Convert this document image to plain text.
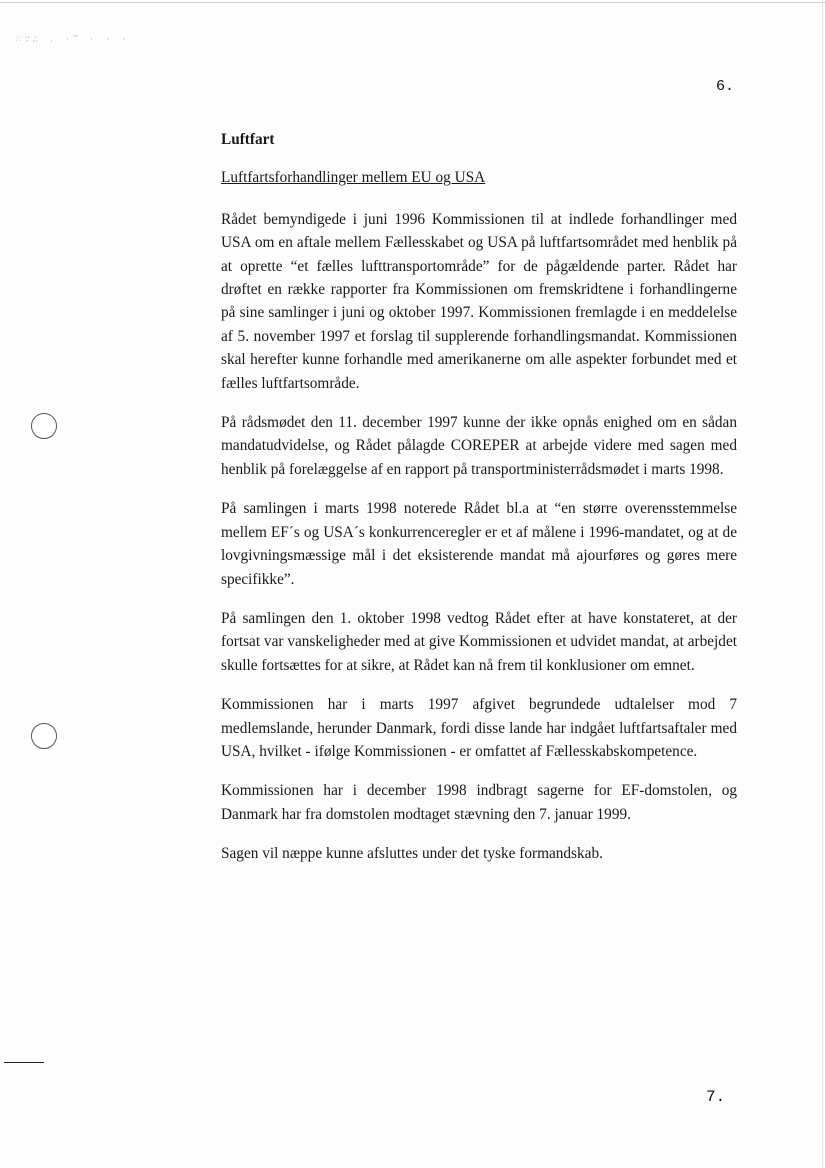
⁙∵∴ . ·‴ · · ·
6.
Luftfart
Luftfartsforhandlinger mellem EU og USA

Rådet bemyndigede i juni 1996 Kommissionen til at indlede forhandlinger med USA om en aftale mellem Fællesskabet og USA på luftfartsområdet med henblik på at oprette “et fælles lufttransportområde” for de pågældende parter. Rådet har drøftet en række rapporter fra Kommissionen om fremskridtene i forhandlingerne på sine samlinger i juni og oktober 1997. Kommissionen fremlagde i en meddelelse af 5. november 1997 et forslag til supplerende forhandlingsmandat. Kommissionen skal herefter kunne forhandle med amerikanerne om alle aspekter forbundet med et fælles luftfartsområde.

På rådsmødet den 11. december 1997 kunne der ikke opnås enighed om en sådan mandatudvidelse, og Rådet pålagde COREPER at arbejde videre med sagen med henblik på forelæggelse af en rapport på transportministerrådsmødet i marts 1998.

På samlingen i marts 1998 noterede Rådet bl.a at “en større overensstemmelse mellem EF´s og USA´s konkurrenceregler er et af målene i 1996-mandatet, og at de lovgivningsmæssige mål i det eksisterende mandat må ajourføres og gøres mere specifikke”.

På samlingen den 1. oktober 1998 vedtog Rådet efter at have konstateret, at der fortsat var vanskeligheder med at give Kommissionen et udvidet mandat, at arbejdet skulle fortsættes for at sikre, at Rådet kan nå frem til konklusioner om emnet.

Kommissionen har i marts 1997 afgivet begrundede udtalelser mod 7 medlemslande, herunder Danmark, fordi disse lande har indgået luftfartsaftaler med USA, hvilket - ifølge Kommissionen - er omfattet af Fællesskabskompetence.

Kommissionen har i december 1998 indbragt sagerne for EF-domstolen, og Danmark har fra domstolen modtaget stævning den 7. januar 1999.

Sagen vil næppe kunne afsluttes under det tyske formandskab.

7.
